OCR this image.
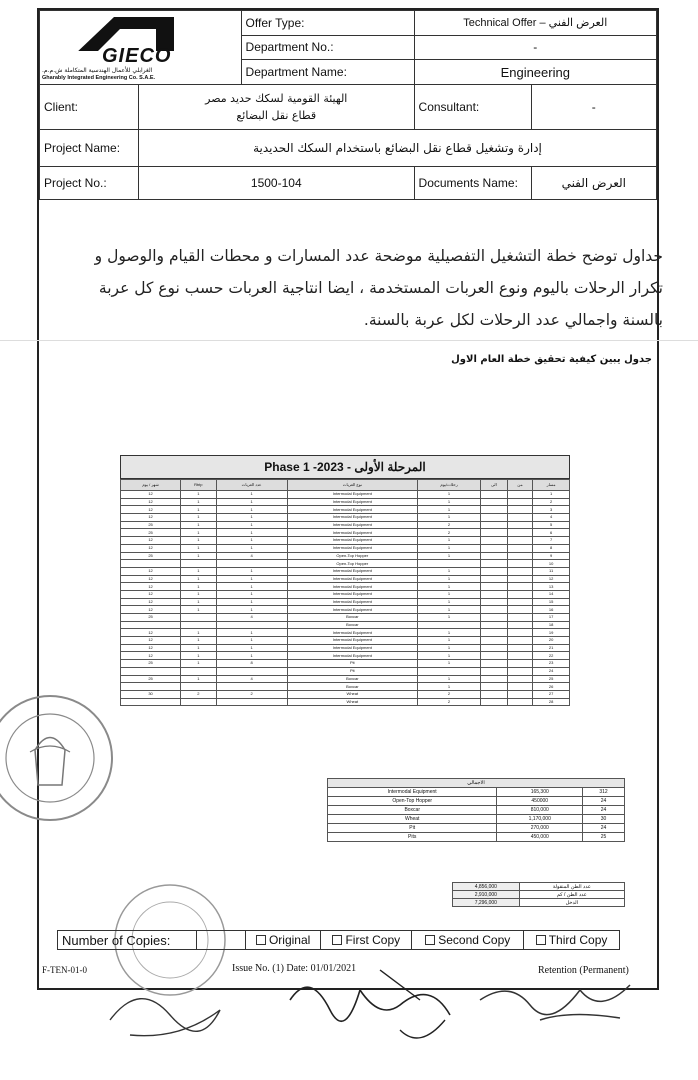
GIECO
الغرابلي للأعمال الهندسية المتكاملة ش.م.م.
Gharably Integrated Engineering Co. S.A.E.		Offer Type:	Technical Offer – العرض الفني	
		Department No.:	-	
		Department Name:	Engineering	
Client:	الهيئة القومية لسكك حديد مصر
قطاع نقل البضائع		Consultant:	-
Project Name:	إدارة وتشغيل قطاع نقل البضائع باستخدام السكك الحديدية			
Project No.:	1500-104		Documents Name:	العرض الفني
جداول توضح خطة التشغيل التفصيلية موضحة عدد المسارات و محطات القيام والوصول و تكرار الرحلات باليوم ونوع العربات المستخدمة ، ايضا انتاجية العربات حسب نوع كل عربة بالسنة واجمالي عدد الرحلات لكل عربة بالسنة.
جدول يبين كيفية تحقيق خطة العام الاول
Phase 1 -2023 - المرحلة الأولى
شهر / يوم	Rtrip	عدد العربات	نوع العربات	رحلات/يوم	الى	من	مسار
12	1	1	Intermodal Equipment	1			1
12	1	1	Intermodal Equipment	1			2
12	1	1	Intermodal Equipment	1			3
12	1	1	Intermodal Equipment	1			4
25	1	1	Intermodal Equipment	2			5
25	1	1	Intermodal Equipment	2			6
12	1	1	Intermodal Equipment	1			7
12	1	1	Intermodal Equipment	1			8
25	1	4	Open-Top Hopper	1			9
			Open-Top Hopper				10
12	1	1	Intermodal Equipment	1			11
12	1	1	Intermodal Equipment	1			12
12	1	1	Intermodal Equipment	1			13
12	1	1	Intermodal Equipment	1			14
12	1	1	Intermodal Equipment	1			15
12	1	1	Intermodal Equipment	1			16
25		4	Boxcar	1			17
			Boxcar				18
12	1	1	Intermodal Equipment	1			19
12	1	1	Intermodal Equipment	1			20
12	1	1	Intermodal Equipment	1			21
12	1	1	Intermodal Equipment	1			22
25	1	8	Pit	1			23
			Pit				24
25	1	4	Boxcar	1			25
			Boxcar	1			26
30	2	2	Wheat	2			27
			Wheat	2			28
الاجمالي		
Intermodal Equipment	165,300	312
Open-Top Hopper	450000	24
Boxcar	810,000	24
Wheat	1,170,000	30
Pit	270,000	24
Pits	450,000	25
4,856,000	عدد الطن المنقولة
2,910,000	عدد الطن / كم
7,296,000	الدخل
Number of Copies:		Original	First Copy	Second Copy	Third Copy
F-TEN-01-0	Issue No. (1) Date: 01/01/2021	Retention (Permanent)
